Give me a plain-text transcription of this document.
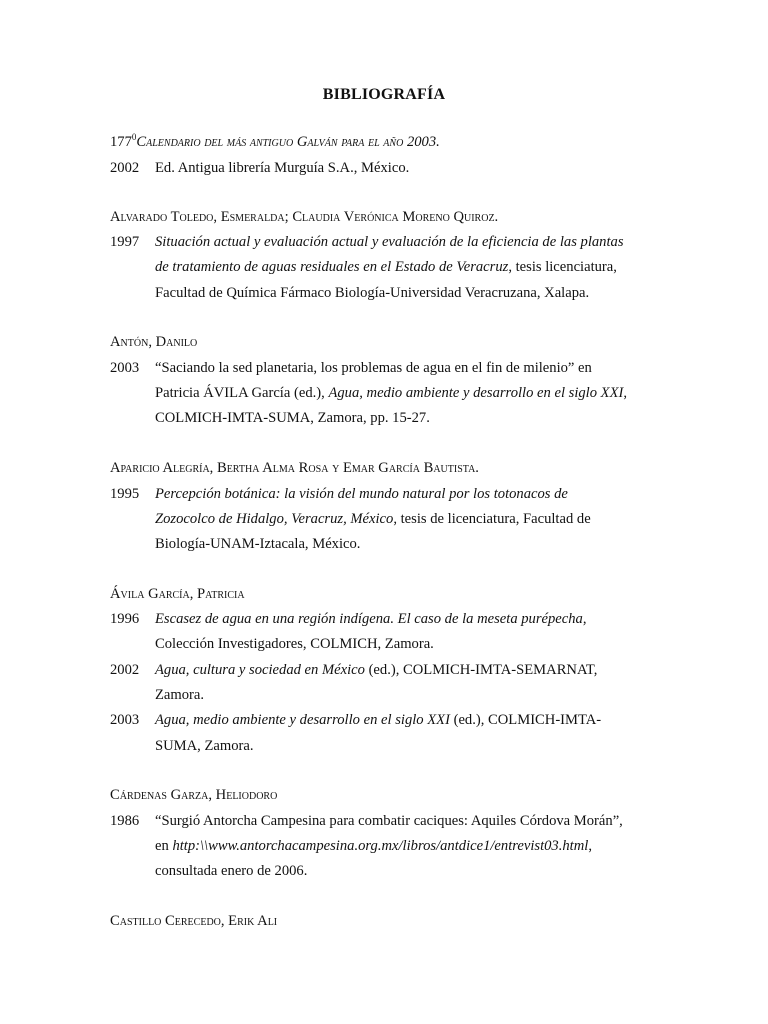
BIBLIOGRAFÍA
$177^0Calendario$ del más antiguo Galván para el año 2003.
2002 Ed. Antigua librería Murguía S.A., México.
Alvarado Toledo, Esmeralda; Claudia Verónica Moreno Quiroz.
1997 Situación actual y evaluación actual y evaluación de la eficiencia de las plantas
de tratamiento de aguas residuales en el Estado de Veracruz, tesis licenciatura,
Facultad de Química Fármaco Biología-Universidad Veracruzana, Xalapa.
Antón, Danilo
2003 “Saciando la sed planetaria, los problemas de agua en el fin de milenio” en
Patricia ÁVILA García (ed.), Agua, medio ambiente y desarrollo en el siglo XXI,
COLMICH-IMTA-SUMA, Zamora, pp. 15-27.
Aparicio Alegría, Bertha Alma Rosa y Emar García Bautista.
1995 Percepción botánica: la visión del mundo natural por los totonacos de
Zozocolco de Hidalgo, Veracruz, México, tesis de licenciatura, Facultad de
Biología-UNAM-Iztacala, México.
Ávila García, Patricia
1996 Escasez de agua en una región indígena. El caso de la meseta purépecha,
Colección Investigadores, COLMICH, Zamora.
2002 Agua, cultura y sociedad en México (ed.), COLMICH-IMTA-SEMARNAT,
Zamora.
2003 Agua, medio ambiente y desarrollo en el siglo XXI (ed.), COLMICH-IMTA-
SUMA, Zamora.
Cárdenas Garza, Heliodoro
1986 “Surgió Antorcha Campesina para combatir caciques: Aquiles Córdova Morán”,
en http:\\www.antorchacampesina.org.mx/libros/antdice1/entrevist03.html,
consultada enero de 2006.
Castillo Cerecedo, Erik Ali
